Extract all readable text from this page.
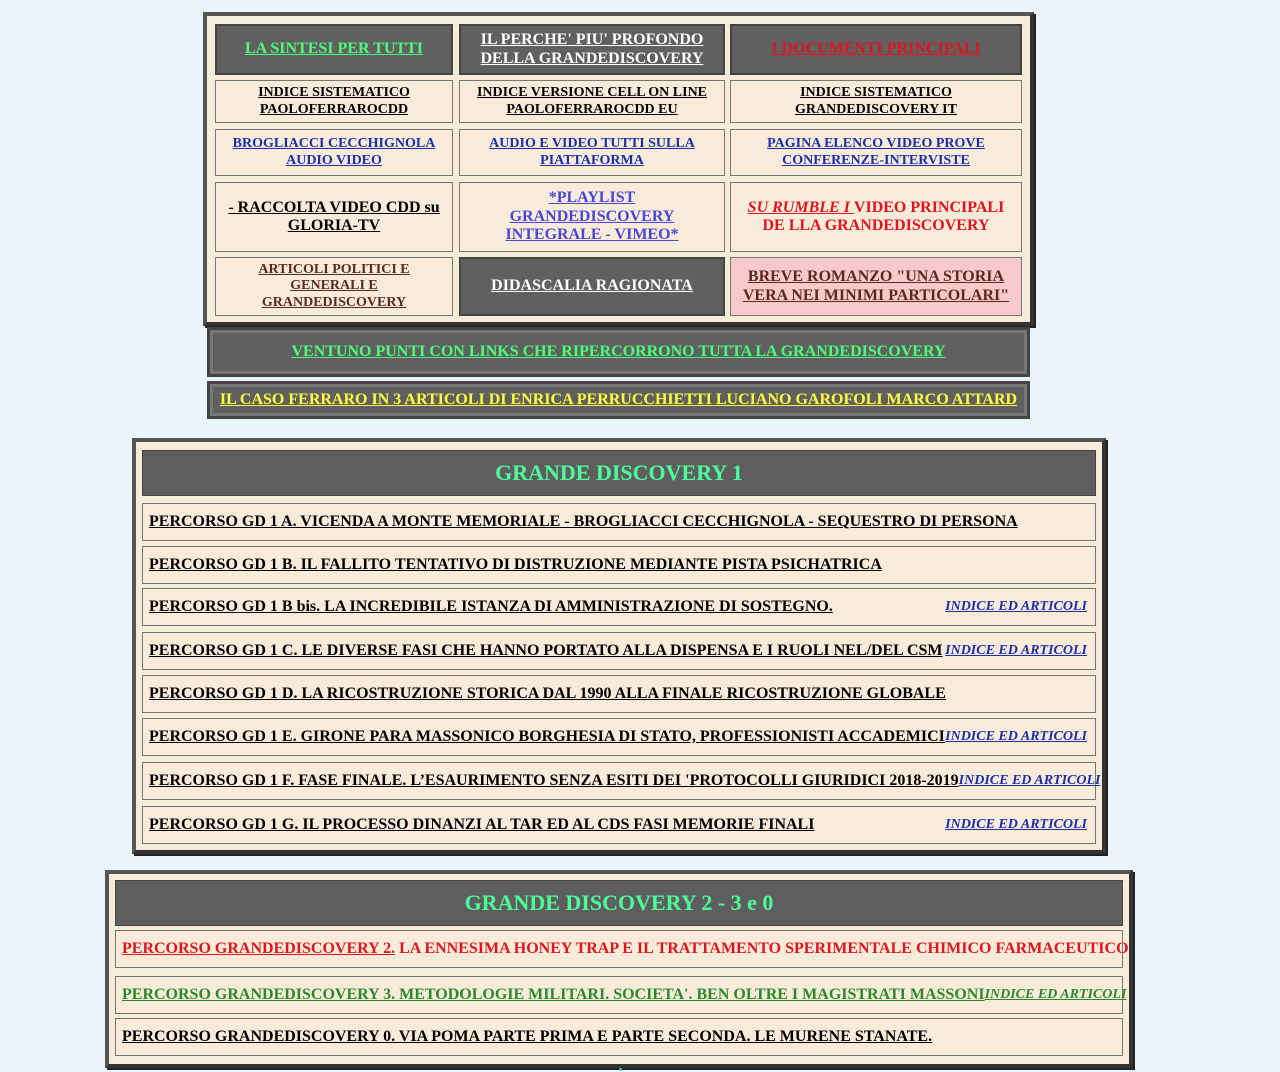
LA SINTESI PER TUTTI
IL PERCHE' PIU' PROFONDO DELLA GRANDEDISCOVERY
I DOCUMENTI PRINCIPALI
INDICE SISTEMATICO PAOLOFERRAROCDD
INDICE VERSIONE CELL ON LINE PAOLOFERRAROCDD EU
INDICE SISTEMATICO GRANDEDISCOVERY IT
BROGLIACCI CECCHIGNOLA AUDIO VIDEO
AUDIO E VIDEO TUTTI SULLA PIATTAFORMA
PAGINA ELENCO VIDEO PROVE CONFERENZE-INTERVISTE
- RACCOLTA VIDEO CDD su GLORIA-TV
*PLAYLIST GRANDEDISCOVERY INTEGRALE - VIMEO*
SU RUMBLE I VIDEO PRINCIPALI DE LLA GRANDEDISCOVERY
ARTICOLI POLITICI E GENERALI E GRANDEDISCOVERY
DIDASCALIA RAGIONATA
BREVE ROMANZO "UNA STORIA VERA NEI MINIMI PARTICOLARI"
VENTUNO PUNTI CON LINKS CHE RIPERCORRONO TUTTA LA GRANDEDISCOVERY
IL CASO FERRARO IN 3 ARTICOLI DI ENRICA PERRUCCHIETTI LUCIANO GAROFOLI MARCO ATTARD
GRANDE DISCOVERY 1
PERCORSO GD 1 A. VICENDA A MONTE MEMORIALE - BROGLIACCI CECCHIGNOLA - SEQUESTRO DI PERSONA
PERCORSO GD 1 B. IL FALLITO TENTATIVO DI DISTRUZIONE MEDIANTE PISTA PSICHATRICA
PERCORSO GD 1 B bis. LA INCREDIBILE ISTANZA DI AMMINISTRAZIONE DI SOSTEGNO.	INDICE ED ARTICOLI
PERCORSO GD 1 C. LE DIVERSE FASI CHE HANNO PORTATO ALLA DISPENSA E I RUOLI NEL/DEL CSM INDICE ED ARTICOLI
PERCORSO GD 1 D. LA RICOSTRUZIONE STORICA DAL 1990 ALLA FINALE RICOSTRUZIONE GLOBALE
PERCORSO GD 1 E. GIRONE PARA MASSONICO BORGHESIA DI STATO, PROFESSIONISTI ACCADEMICI INDICE ED ARTICOLI
PERCORSO GD 1 F. FASE FINALE. L’ESAURIMENTO SENZA ESITI DEI 'PROTOCOLLI GIURIDICI 2018-2019 INDICE ED ARTICOLI
PERCORSO GD 1 G. IL PROCESSO DINANZI AL TAR ED AL CDS FASI MEMORIE FINALI	INDICE ED ARTICOLI
GRANDE DISCOVERY 2 - 3 e 0
PERCORSO GRANDEDISCOVERY 2. LA ENNESIMA HONEY TRAP E IL TRATTAMENTO SPERIMENTALE CHIMICO FARMACEUTICO
PERCORSO GRANDEDISCOVERY 3. METODOLOGIE MILITARI. SOCIETA'. BEN OLTRE I MAGISTRATI MASSONI INDICE ED ARTICOLI
PERCORSO GRANDEDISCOVERY 0. VIA POMA PARTE PRIMA E PARTE SECONDA. LE MURENE STANATE.
